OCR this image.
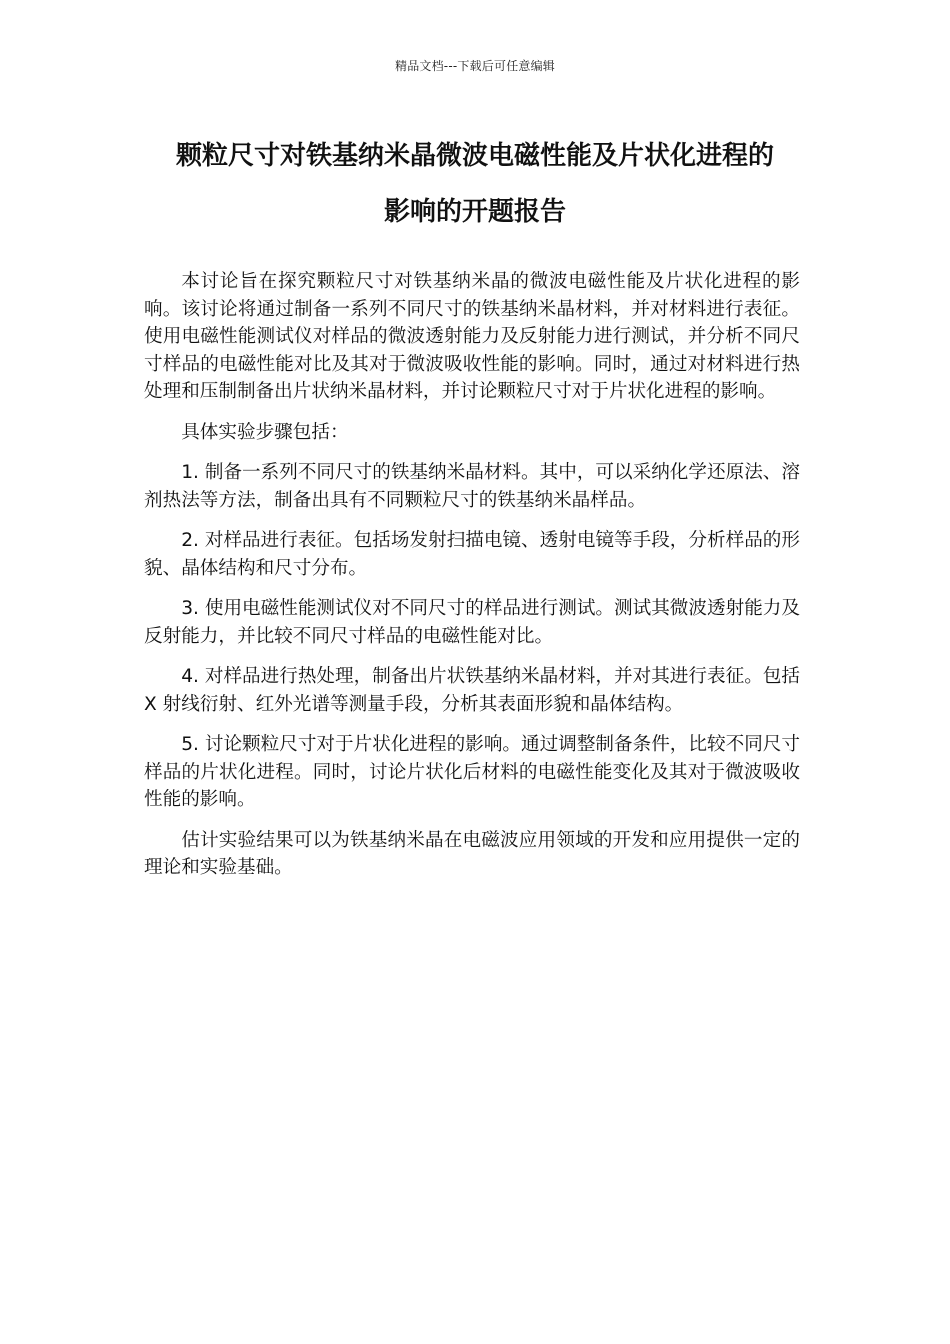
精品文档---下载后可任意编辑
颗粒尺寸对铁基纳米晶微波电磁性能及片状化进程的
影响的开题报告

本讨论旨在探究颗粒尺寸对铁基纳米晶的微波电磁性能及片状化进程的影响。该讨论将通过制备一系列不同尺寸的铁基纳米晶材料，并对材料进行表征。使用电磁性能测试仪对样品的微波透射能力及反射能力进行测试，并分析不同尺寸样品的电磁性能对比及其对于微波吸收性能的影响。同时，通过对材料进行热处理和压制制备出片状纳米晶材料，并讨论颗粒尺寸对于片状化进程的影响。

具体实验步骤包括：

1. 制备一系列不同尺寸的铁基纳米晶材料。其中，可以采纳化学还原法、溶剂热法等方法，制备出具有不同颗粒尺寸的铁基纳米晶样品。

2. 对样品进行表征。包括场发射扫描电镜、透射电镜等手段，分析样品的形貌、晶体结构和尺寸分布。

3. 使用电磁性能测试仪对不同尺寸的样品进行测试。测试其微波透射能力及反射能力，并比较不同尺寸样品的电磁性能对比。

4. 对样品进行热处理，制备出片状铁基纳米晶材料，并对其进行表征。包括 X 射线衍射、红外光谱等测量手段，分析其表面形貌和晶体结构。

5. 讨论颗粒尺寸对于片状化进程的影响。通过调整制备条件，比较不同尺寸样品的片状化进程。同时，讨论片状化后材料的电磁性能变化及其对于微波吸收性能的影响。

估计实验结果可以为铁基纳米晶在电磁波应用领域的开发和应用提供一定的理论和实验基础。
